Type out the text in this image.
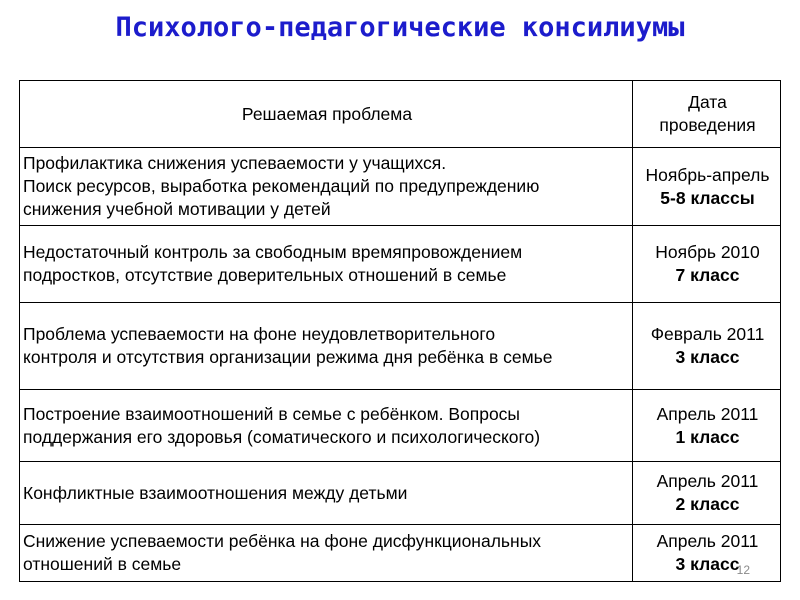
Психолого-педагогические консилиумы
Решаемая проблема	Дата
проведения

Профилактика снижения успеваемости у учащихся.
Поиск ресурсов, выработка рекомендаций по предупреждению
снижения учебной мотивации у детей	Ноябрь-апрель
5-8 классы

Недостаточный контроль за свободным времяпровождением
подростков, отсутствие доверительных отношений в семье	Ноябрь 2010
7 класс

Проблема успеваемости на фоне неудовлетворительного
контроля и отсутствия организации режима дня ребёнка в семье	Февраль 2011
3 класс

Построение взаимоотношений в семье с ребёнком. Вопросы
поддержания его здоровья (соматического и психологического)	Апрель 2011
1 класс

Конфликтные взаимоотношения между детьми	Апрель 2011
2 класс

Снижение успеваемости ребёнка на фоне дисфункциональных
отношений в семье	Апрель 2011
3 класс
12
